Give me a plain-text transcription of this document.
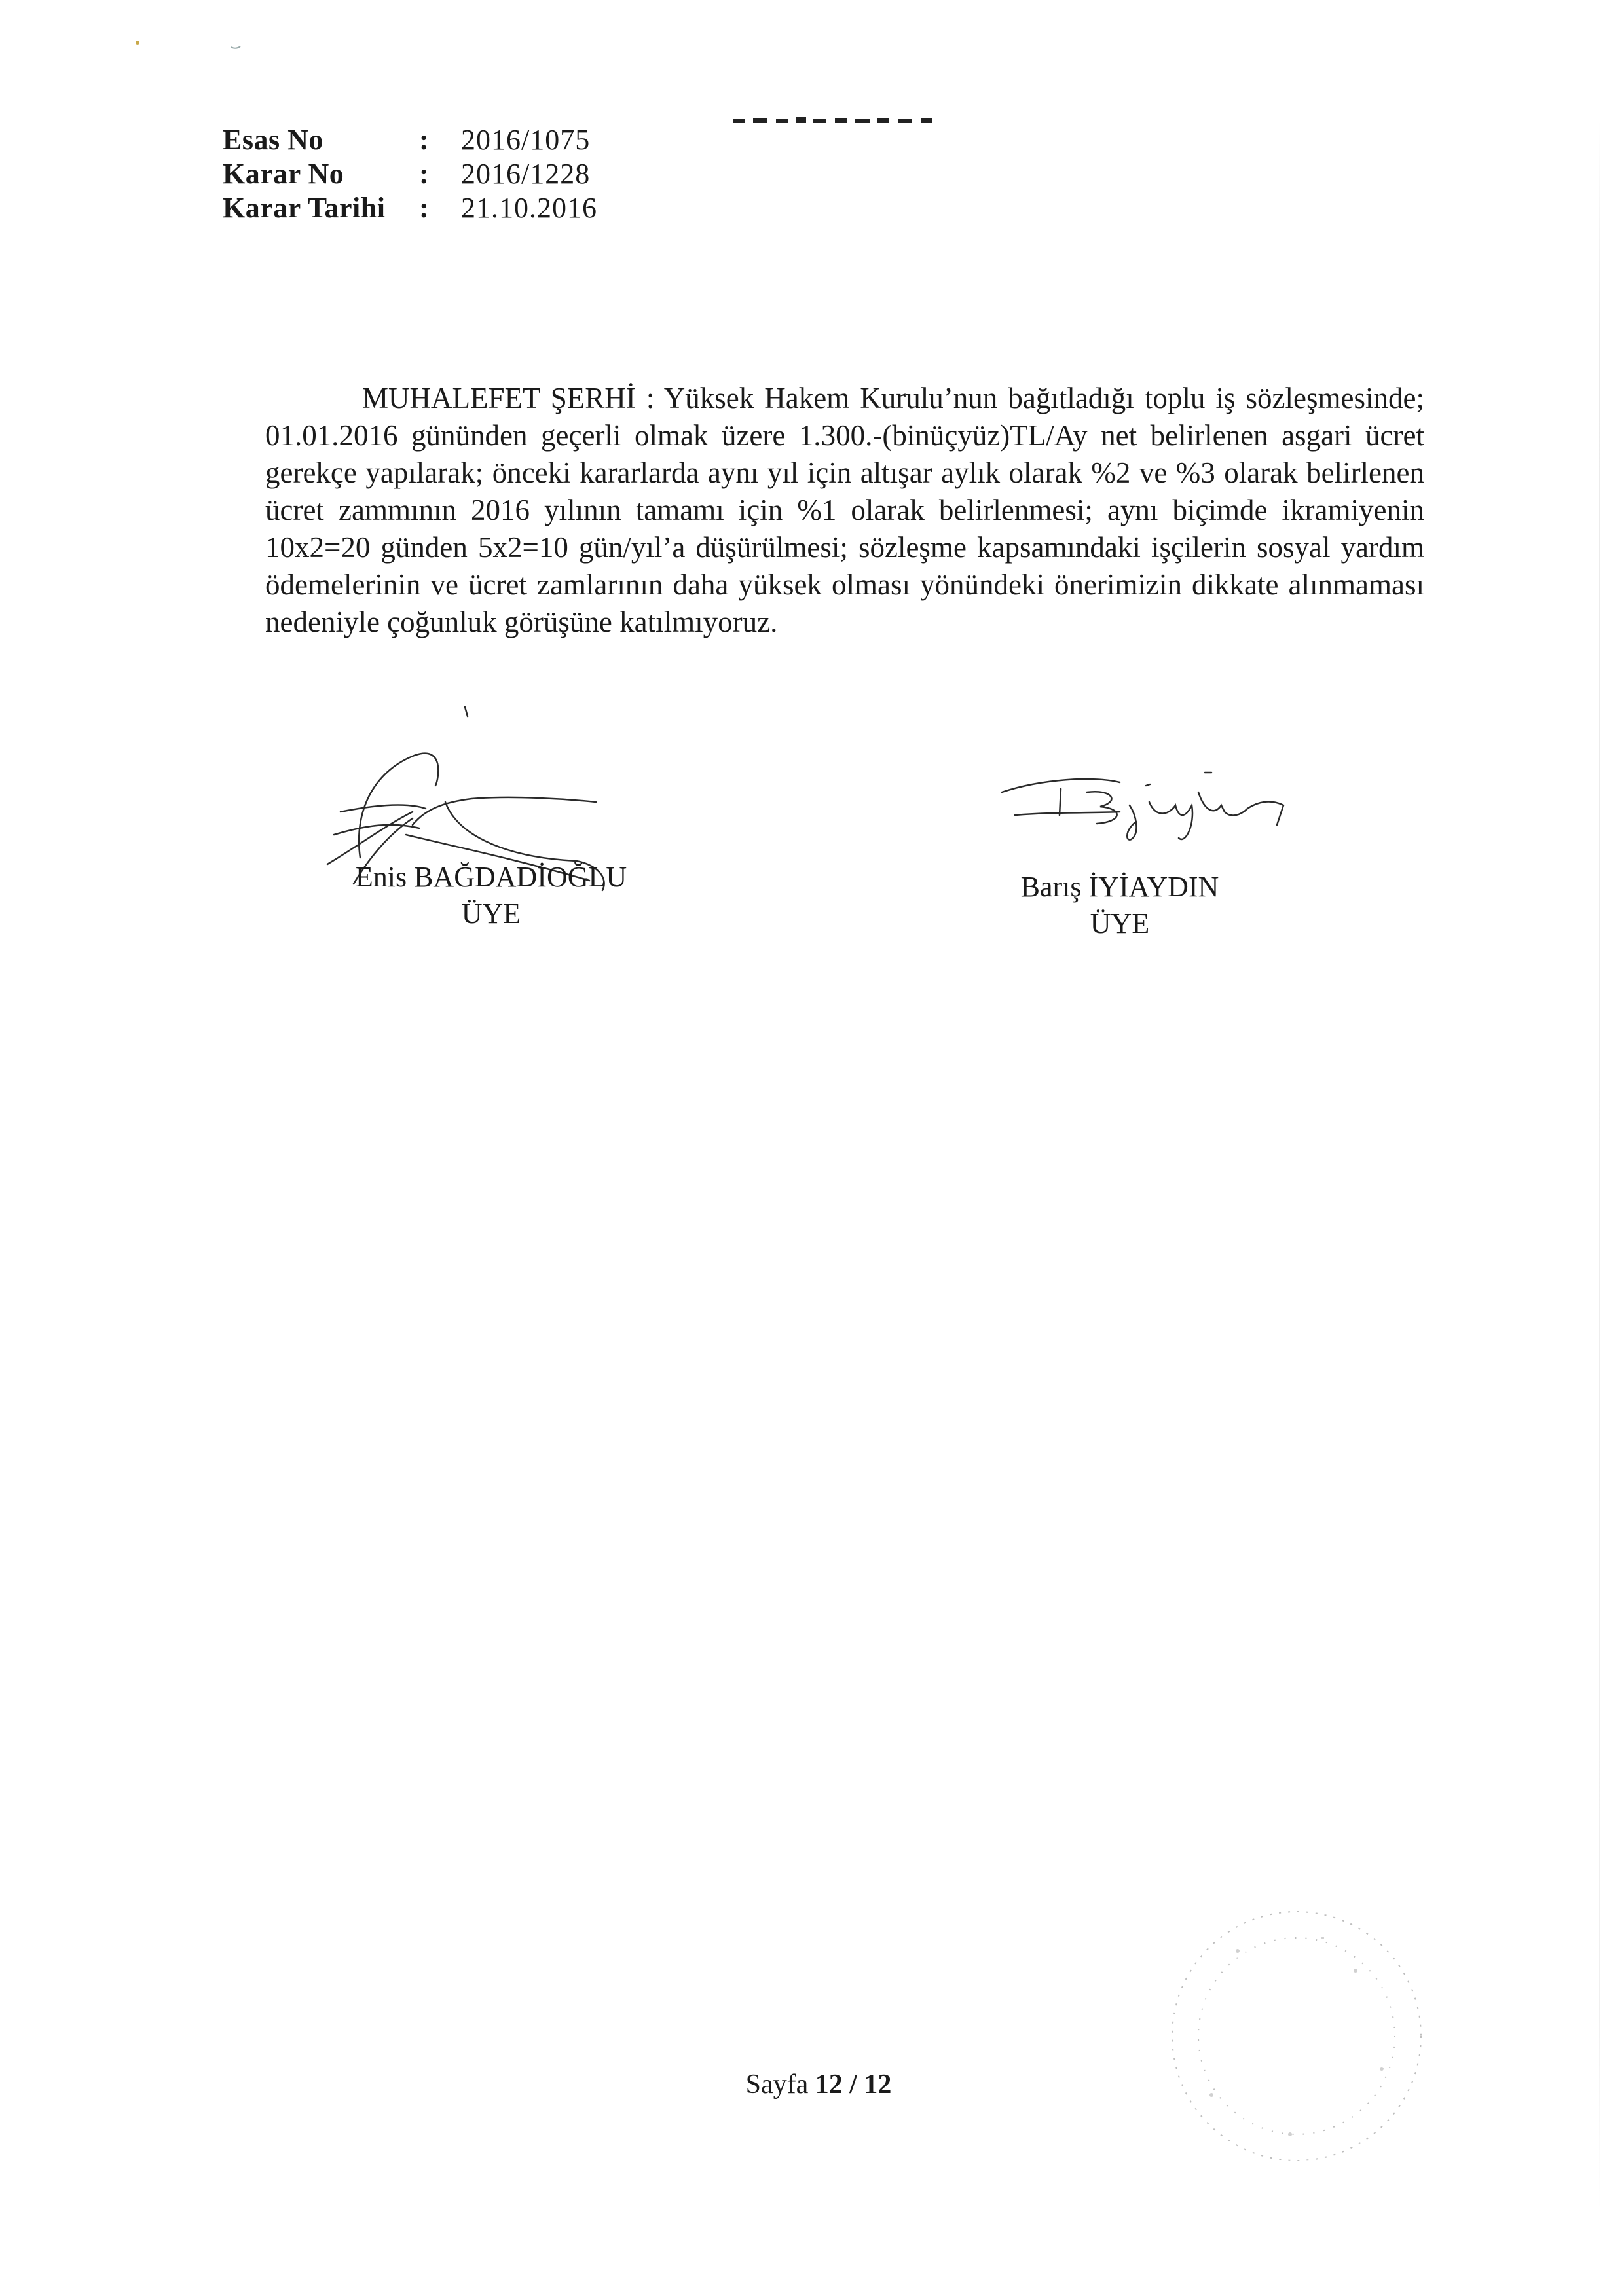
Esas No	:	2016/1075
Karar No	:	2016/1228
Karar Tarihi	:	21.10.2016

MUHALEFET ŞERHİ : Yüksek Hakem Kurulu’nun bağıtladığı toplu iş sözleşmesinde; 01.01.2016 gününden geçerli olmak üzere 1.300.-(binüçyüz)TL/Ay net belirlenen asgari ücret gerekçe yapılarak; önceki kararlarda aynı yıl için altışar aylık olarak %2 ve %3 olarak belirlenen ücret zammının 2016 yılının tamamı için %1 olarak belirlenmesi; aynı biçimde ikramiyenin 10x2=20 günden 5x2=10 gün/yıl’a düşürülmesi; sözleşme kapsamındaki işçilerin sosyal yardım ödemelerinin ve ücret zamlarının daha yüksek olması yönündeki önerimizin dikkate alınmaması nedeniyle çoğunluk görüşüne katılmıyoruz.

Enis BAĞDADİOĞLU
ÜYE
Barış İYİAYDIN
ÜYE
Sayfa 12 / 12
